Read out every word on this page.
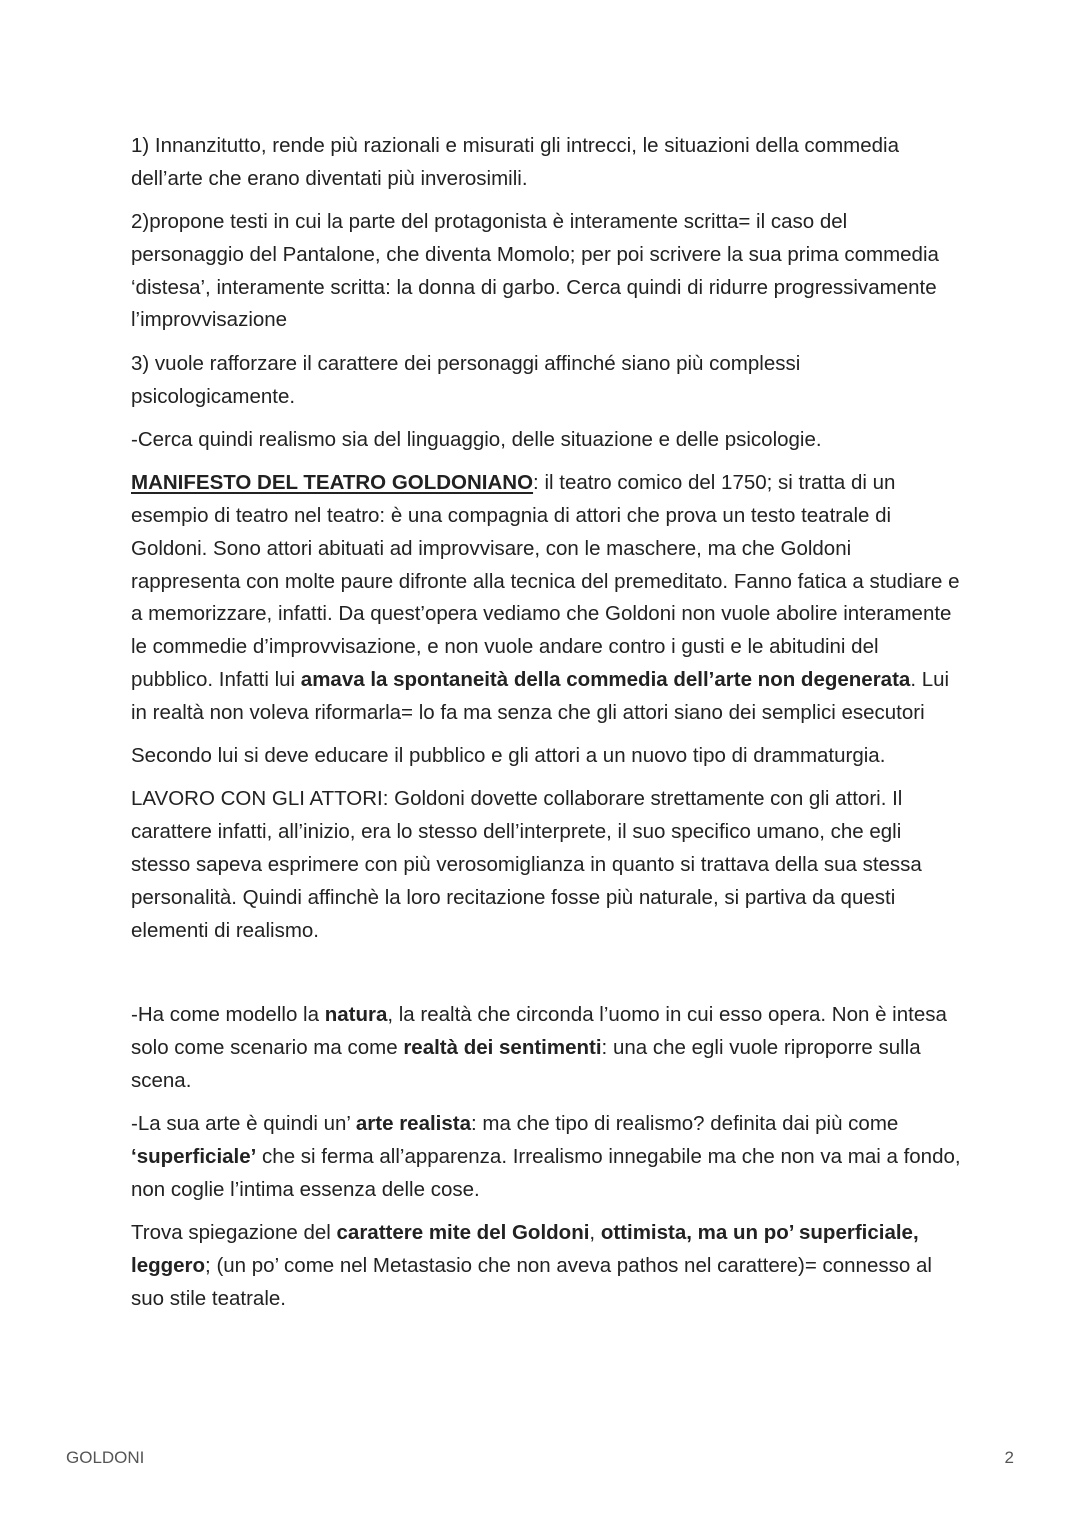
1) Innanzitutto, rende più razionali e misurati gli intrecci, le situazioni della commedia dell’arte che erano diventati più inverosimili.

2)propone testi in cui la parte del protagonista è interamente scritta= il caso del personaggio del Pantalone, che diventa Momolo; per poi scrivere la sua prima commedia ‘distesa’, interamente scritta: la donna di garbo. Cerca quindi di ridurre progressivamente l’improvvisazione

3) vuole rafforzare il carattere dei personaggi affinché siano più complessi psicologicamente.

-Cerca quindi realismo sia del linguaggio, delle situazione e delle psicologie.

MANIFESTO DEL TEATRO GOLDONIANO: il teatro comico del 1750; si tratta di un esempio di teatro nel teatro: è una compagnia di attori che prova un testo teatrale di Goldoni. Sono attori abituati ad improvvisare, con le maschere, ma che Goldoni rappresenta con molte paure difronte alla tecnica del premeditato. Fanno fatica a studiare e a memorizzare, infatti. Da quest’opera vediamo che Goldoni non vuole abolire interamente le commedie d’improvvisazione, e non vuole andare contro i gusti e le abitudini del pubblico. Infatti lui amava la spontaneità della commedia dell’arte non degenerata. Lui in realtà non voleva riformarla= lo fa ma senza che gli attori siano dei semplici esecutori

Secondo lui si deve educare il pubblico e gli attori a un nuovo tipo di drammaturgia.

LAVORO CON GLI ATTORI: Goldoni dovette collaborare strettamente con gli attori. Il carattere infatti, all’inizio, era lo stesso dell’interprete, il suo specifico umano, che egli stesso sapeva esprimere con più verosomiglianza in quanto si trattava della sua stessa personalità. Quindi affinchè la loro recitazione fosse più naturale, si partiva da questi elementi di realismo.

-Ha come modello la natura, la realtà che circonda l’uomo in cui esso opera. Non è intesa solo come scenario ma come realtà dei sentimenti: una che egli vuole riproporre sulla scena.

-La sua arte è quindi un’ arte realista: ma che tipo di realismo? definita dai più come ‘superficiale’ che si ferma all’apparenza. Irrealismo innegabile ma che non va mai a fondo, non coglie l’intima essenza delle cose.

Trova spiegazione del carattere mite del Goldoni, ottimista, ma un po’ superficiale, leggero; (un po’ come nel Metastasio che non aveva pathos nel carattere)= connesso al suo stile teatrale.

GOLDONI	2
